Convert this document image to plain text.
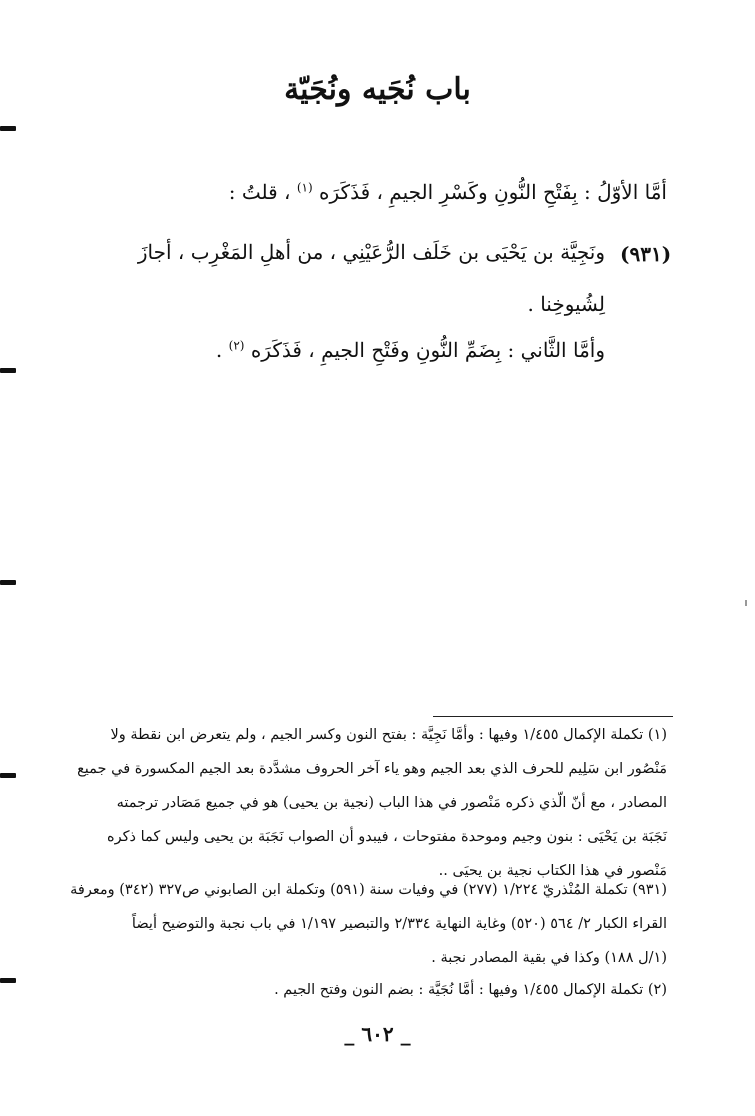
باب نُجَيه ونُجَيّة
أمَّا الأوّلُ : بِفَتْحِ النُّونِ وكَسْرِ الجيمِ ، فَذَكَرَه $^{(١)}$ ، قلتُ :
(٩٣١)
ونَجِيَّة بن يَحْيَى بن خَلَف الرُّعَيْنِي ، من أهلِ المَغْرِب ، أجازَ
لِشُيوخِنا .
وأمَّا الثَّاني : بِضَمِّ النُّونِ وفَتْحِ الجيمِ ، فَذَكَرَه $^{(٢)}$ .
(١) تكملة الإكمال ١/٤٥٥ وفيها : وأمَّا نَجِيَّة : بفتح النون وكسر الجيم ، ولم يتعرض ابن نقطة ولا
مَنْصُور ابن سَلِيم للحرف الذي بعد الجيم وهو ياء آخر الحروف مشدَّدة بعد الجيم المكسورة في جميع
المصادر ، مع أنّ الّذي ذكره مَنْصور في هذا الباب (نجية بن يحيى) هو في جميع مَصَادر ترجمته
نَجَبَة بن يَحْيَى : بنون وجيم وموحدة مفتوحات ، فيبدو أن الصواب نَجَبَة بن يحيى وليس كما ذكره
مَنْصور في هذا الكتاب نجية بن يحيَى ..
(٩٣١) تكملة المُنْذريّ ١/٢٢٤ (٢٧٧) في وفيات سنة (٥٩١) وتكملة ابن الصابوني ص٣٢٧ (٣٤٢) ومعرفة
القراء الكبار ٢/ ٥٦٤ (٥٢٠) وغاية النهاية ٢/٣٣٤ والتبصير ١/١٩٧ في باب نجبة والتوضيح أيضاً
(١/ل ١٨٨) وكذا في بقية المصادر نجبة .
(٢) تكملة الإكمال ١/٤٥٥ وفيها : أمَّا نُجَيَّة : بضم النون وفتح الجيم .
_ ٦٠٢ _
